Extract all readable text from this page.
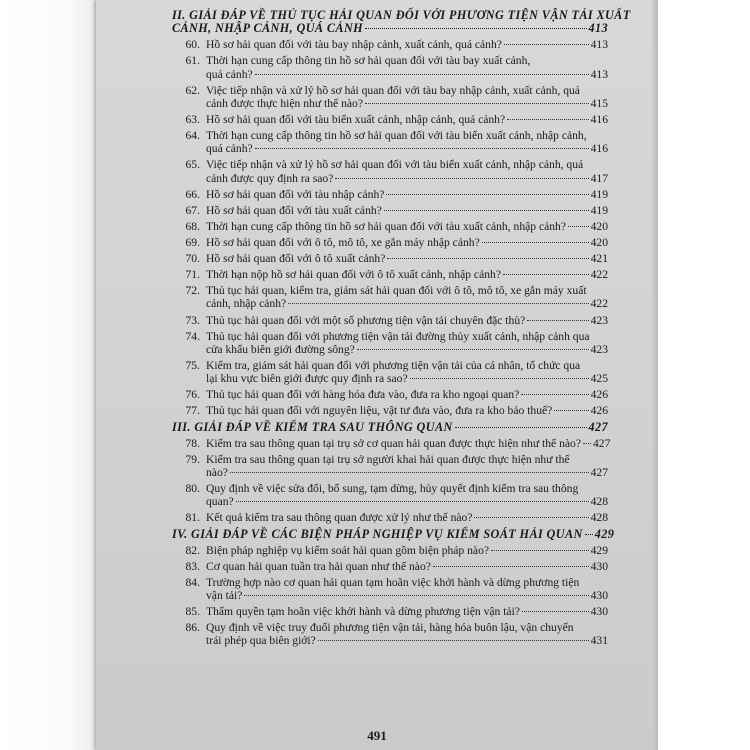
II. GIẢI ĐÁP VỀ THỦ TỤC HẢI QUAN ĐỐI VỚI PHƯƠNG TIỆN VẬN TẢI XUẤT
CẢNH, NHẬP CẢNH, QUÁ CẢNH	413
60. Hồ sơ hải quan đối với tàu bay nhập cảnh, xuất cảnh, quá cảnh?	413
61. Thời hạn cung cấp thông tin hồ sơ hải quan đối với tàu bay xuất cảnh,
quá cảnh?	413
62. Việc tiếp nhận và xử lý hồ sơ hải quan đối với tàu bay nhập cảnh, xuất cảnh, quá
cảnh được thực hiện như thế nào?	415
63. Hồ sơ hải quan đối với tàu biển xuất cảnh, nhập cảnh, quá cảnh?	416
64. Thời hạn cung cấp thông tin hồ sơ hải quan đối với tàu biển xuất cảnh, nhập cảnh,
quá cảnh?	416
65. Việc tiếp nhận và xử lý hồ sơ hải quan đối với tàu biển xuất cảnh, nhập cảnh, quá
cảnh được quy định ra sao?	417
66. Hồ sơ hải quan đối với tàu nhập cảnh?	419
67. Hồ sơ hải quan đối với tàu xuất cảnh?	419
68. Thời hạn cung cấp thông tin hồ sơ hải quan đối với tàu xuất cảnh, nhập cảnh? 420
69. Hồ sơ hải quan đối với ô tô, mô tô, xe gắn máy nhập cảnh?	420
70. Hồ sơ hải quan đối với ô tô xuất cảnh?	421
71. Thời hạn nộp hồ sơ hải quan đối với ô tô xuất cảnh, nhập cảnh?	422
72. Thủ tục hải quan, kiểm tra, giám sát hải quan đối với ô tô, mô tô, xe gắn máy xuất
cảnh, nhập cảnh?	422
73. Thủ tục hải quan đối với một số phương tiện vận tải chuyên đặc thù?	423
74. Thủ tục hải quan đối với phương tiện vận tải đường thủy xuất cảnh, nhập cảnh qua
cửa khẩu biên giới đường sông?	423
75. Kiểm tra, giám sát hải quan đối với phương tiện vận tải của cá nhân, tổ chức qua
lại khu vực biên giới được quy định ra sao?	425
76. Thủ tục hải quan đối với hàng hóa đưa vào, đưa ra kho ngoại quan?	426
77. Thủ tục hải quan đối với nguyên liệu, vật tư đưa vào, đưa ra kho bảo thuế?	426
III. GIẢI ĐÁP VỀ KIỂM TRA SAU THÔNG QUAN	427
78. Kiểm tra sau thông quan tại trụ sở cơ quan hải quan được thực hiện như thế nào? 427
79. Kiểm tra sau thông quan tại trụ sở người khai hải quan được thực hiện như thế
nào?	427
80. Quy định về việc sửa đổi, bổ sung, tạm dừng, hủy quyết định kiểm tra sau thông
quan?	428
81. Kết quả kiểm tra sau thông quan được xử lý như thế nào?	428
IV. GIẢI ĐÁP VỀ CÁC BIỆN PHÁP NGHIỆP VỤ KIỂM SOÁT HẢI QUAN 429
82. Biện pháp nghiệp vụ kiểm soát hải quan gồm biện pháp nào?	429
83. Cơ quan hải quan tuần tra hải quan như thế nào?	430
84. Trường hợp nào cơ quan hải quan tạm hoãn việc khởi hành và dừng phương tiện
vận tải?	430
85. Thẩm quyền tạm hoãn việc khởi hành và dừng phương tiện vận tải?	430
86. Quy định về việc truy đuổi phương tiện vận tải, hàng hóa buôn lậu, vận chuyển
trái phép qua biên giới?	431
491
